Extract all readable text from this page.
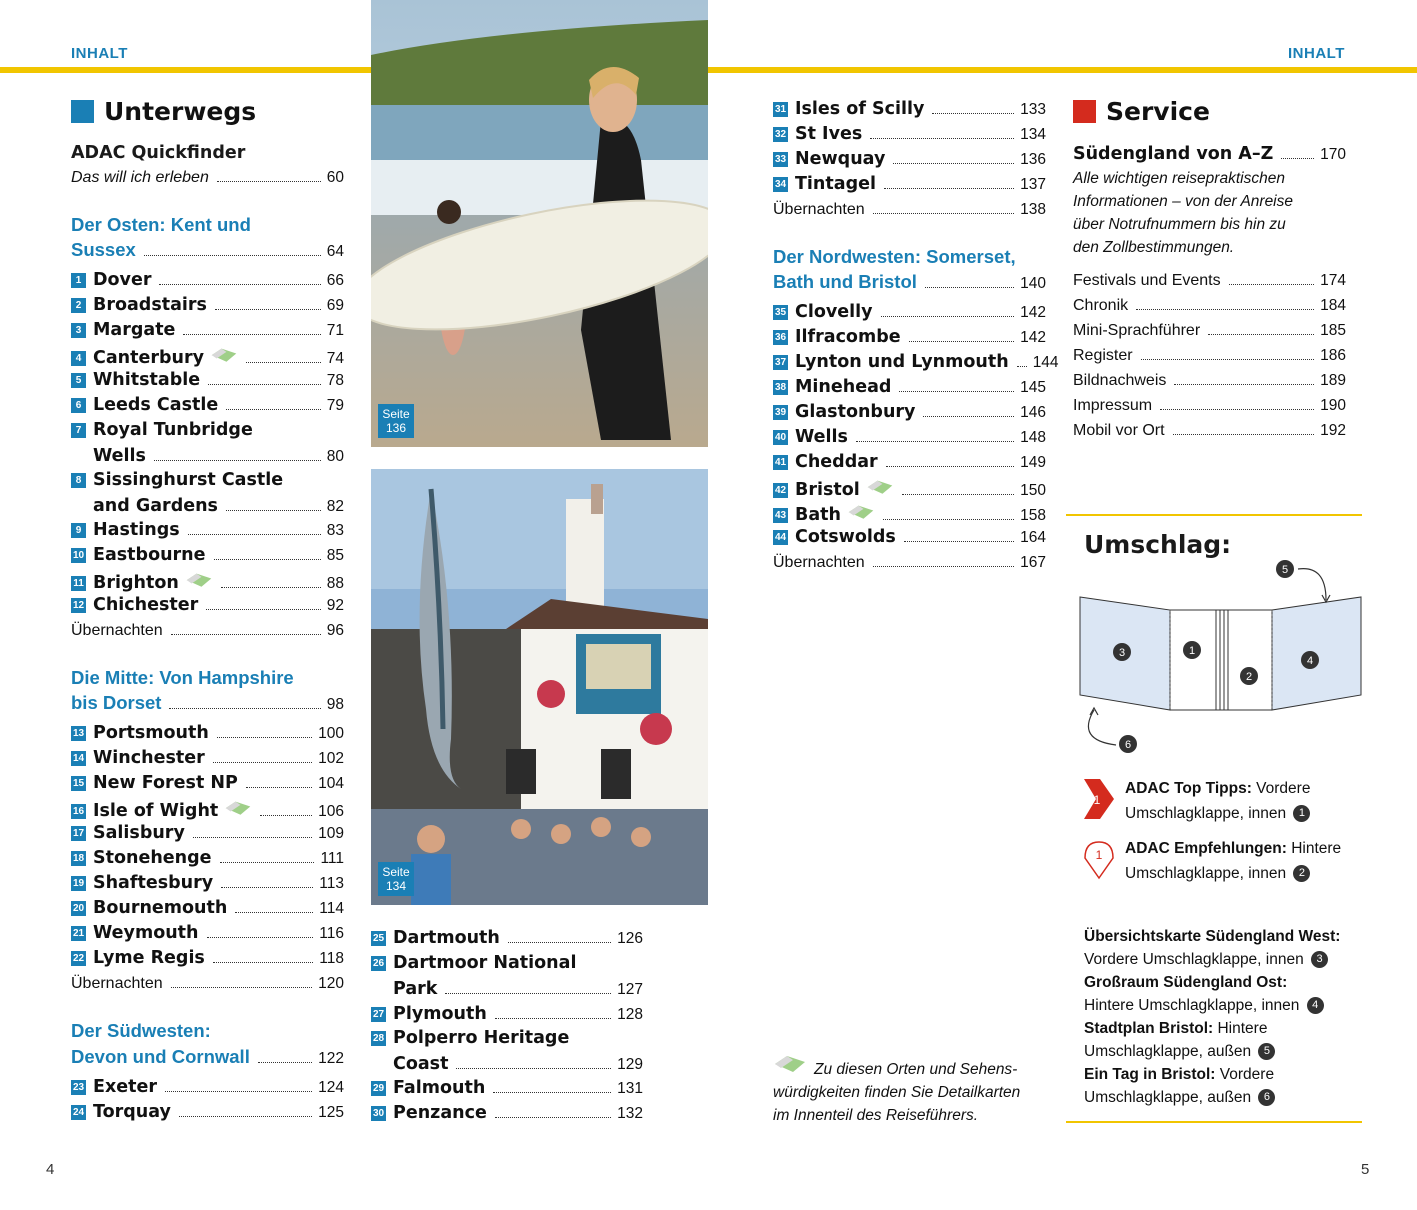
INHALT	INHALT
Unterwegs
ADAC Quickfinder
Das will ich erleben	60
Der Osten: Kent und
Sussex	64
1 Dover	66
2 Broadstairs	69
3 Margate	71
4 Canterbury	74
5 Whitstable	78
6 Leeds Castle	79
7 Royal Tunbridge
Wells	80
8 Sissinghurst Castle
and Gardens	82
9 Hastings	83
10 Eastbourne	85
11 Brighton	88
12 Chichester	92
Übernachten	96
Die Mitte: Von Hampshire
bis Dorset	98
13 Portsmouth	100
14 Winchester	102
15 New Forest NP	104
16 Isle of Wight	106
17 Salisbury	109
18 Stonehenge	111
19 Shaftesbury	113
20 Bournemouth	114
21 Weymouth	116
22 Lyme Regis	118
Übernachten	120
Der Südwesten:
Devon und Cornwall	122
23 Exeter	124
24 Torquay	125
Seite
136
Seite
134
25 Dartmouth	126
26 Dartmoor National
Park	127
27 Plymouth	128
28 Polperro Heritage
Coast	129
29 Falmouth	131
30 Penzance	132
31 Isles of Scilly	133
32 St Ives	134
33 Newquay	136
34 Tintagel	137
Übernachten	138
Der Nordwesten: Somerset,
Bath und Bristol	140
35 Clovelly	142
36 Ilfracombe	142
37 Lynton und Lynmouth 144
38 Minehead	145
39 Glastonbury	146
40 Wells	148
41 Cheddar	149
42 Bristol	150
43 Bath	158
44 Cotswolds	164
Übernachten	167
Zu diesen Orten und Sehens-
würdigkeiten finden Sie Detailkarten
im Innenteil des Reiseführers.
Service
Südengland von A–Z	170
Alle wichtigen reisepraktischen
Informationen – von der Anreise
über Notrufnummern bis hin zu
den Zollbestimmungen.
Festivals und Events	174
Chronik	184
Mini-Sprachführer	185
Register	186
Bildnachweis	189
Impressum	190
Mobil vor Ort	192
Umschlag:
1
2
3
4
5
6
1
ADAC Top Tipps: Vordere
Umschlagklappe, innen 1
1 ADAC Empfehlungen: Hintere
Umschlagklappe, innen 2
Übersichtskarte Südengland West:
Vordere Umschlagklappe, innen 3
Großraum Südengland Ost:
Hintere Umschlagklappe, innen 4
Stadtplan Bristol: Hintere
Umschlagklappe, außen 5
Ein Tag in Bristol: Vordere
Umschlagklappe, außen 6
4	5
